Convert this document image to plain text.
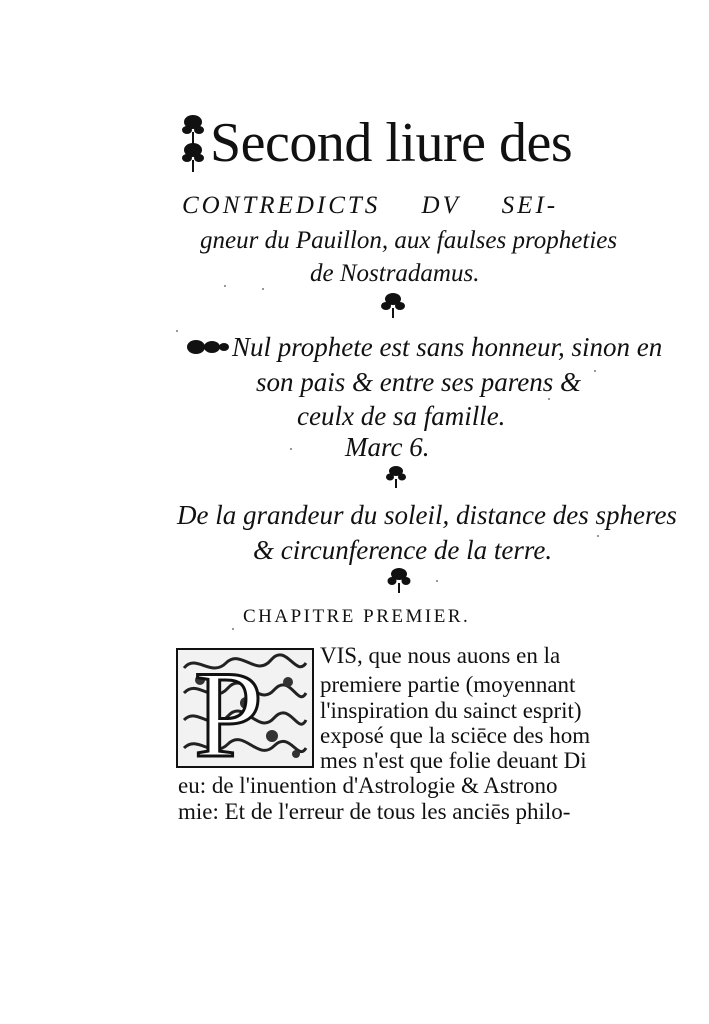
Second liure des
CONTREDICTS DV SEI-
gneur du Pauillon, aux faulses propheties
de Nostradamus.
Nul prophete est sans honneur, sinon en
son pais & entre ses parens &
ceulx de sa famille.
Marc 6.
De la grandeur du soleil, distance des spheres
& circunference de la terre.
CHAPITRE PREMIER.
P VIS, que nous auons en la
premiere partie (moyennant
l'inspiration du sainct esprit)
exposé que la sciēce des hom
mes n'est que folie deuant Di
eu: de l'inuention d'Astrologie & Astrono
mie: Et de l'erreur de tous les anciēs philo-
